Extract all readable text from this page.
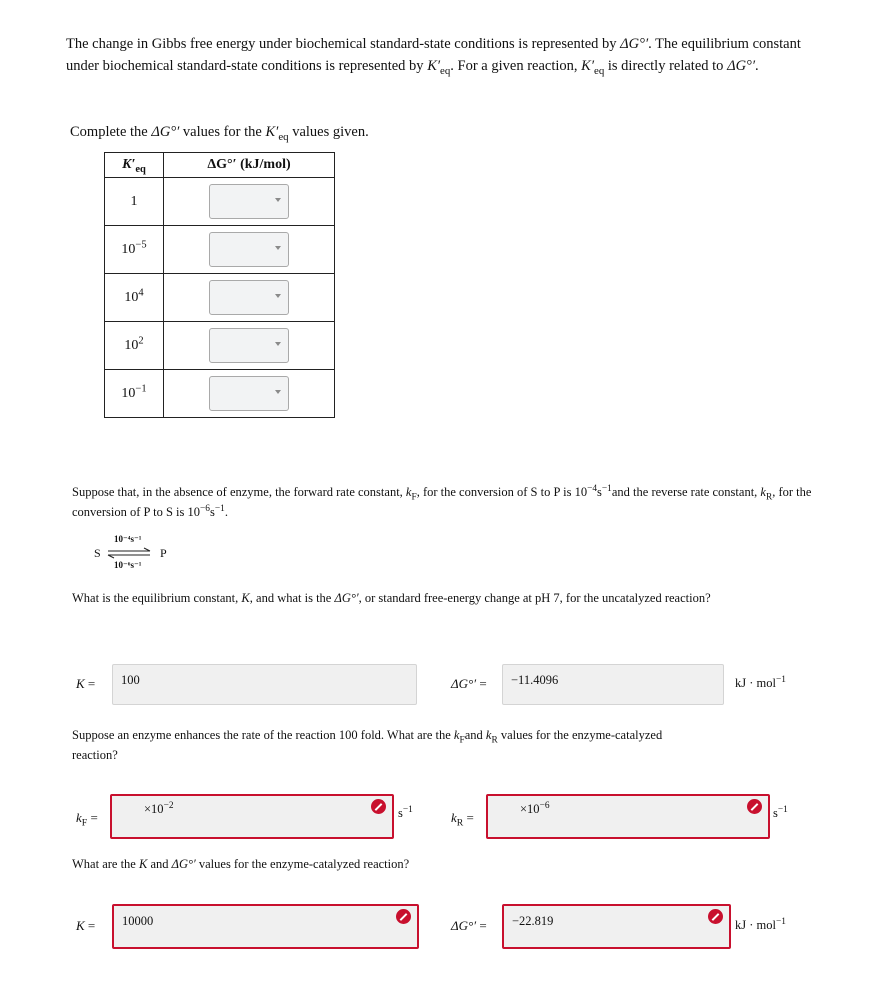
The change in Gibbs free energy under biochemical standard-state conditions is represented by ΔG°′. The equilibrium constant under biochemical standard-state conditions is represented by $K'_{eq}$. For a given reaction, $K'_{eq}$ is directly related to ΔG°′.
Complete the ΔG°′ values for the $K'_{eq}$ values given.
$K'_{eq}$	ΔG°′ (kJ/mol)
1	

$10^{-5}$	

$10^4$	

$10^2$	

$10^{-1}$	
Suppose that, in the absence of enzyme, the forward rate constant, $k_F$, for the conversion of S to P is $10^{-4}s^{-1}and$ the reverse rate constant, $k_R$, for the conversion of P to S is $10^{-6}s^{-1}$.
S
10⁻⁴s⁻¹
P
10⁻⁶s⁻¹
What is the equilibrium constant, K, and what is the ΔG°′, or standard free-energy change at pH 7, for the uncatalyzed reaction?
K =	100	ΔG°′ =	−11.4096	kJ · mol$^{-1}$
Suppose an enzyme enhances the rate of the reaction 100 fold. What are the $k_Fand$ $k_R$ values for the enzyme-catalyzed reaction?
$k_F$ =
$\times 10^{-2}$
$s^{-1}$
$k_R$ =
$\times 10^{-6}$
$s^{-1}$
What are the K and ΔG°′ values for the enzyme-catalyzed reaction?
K =	10000	ΔG°′ =	−22.819	kJ · mol$^{-1}$
